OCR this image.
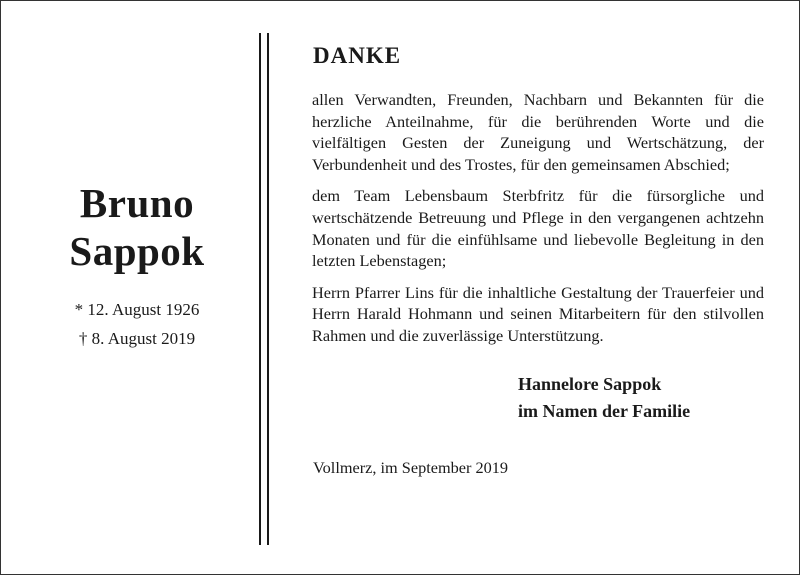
Bruno
Sappok
* 12. August 1926
† 8. August 2019
DANKE

allen Verwandten, Freunden, Nachbarn und Bekannten für die herzliche Anteilnahme, für die berührenden Worte und die vielfältigen Gesten der Zuneigung und Wertschätzung, der Verbundenheit und des Trostes, für den gemeinsamen Abschied;

dem Team Lebensbaum Sterbfritz für die fürsorgliche und wertschätzende Betreuung und Pflege in den vergangenen achtzehn Monaten und für die einfühlsame und liebevolle Begleitung in den letzten Lebenstagen;

Herrn Pfarrer Lins für die inhaltliche Gestaltung der Trauerfeier und Herrn Harald Hohmann und seinen Mitarbeitern für den stilvollen Rahmen und die zuverlässige Unterstützung.

Hannelore Sappok
im Namen der Familie
Vollmerz, im September 2019
